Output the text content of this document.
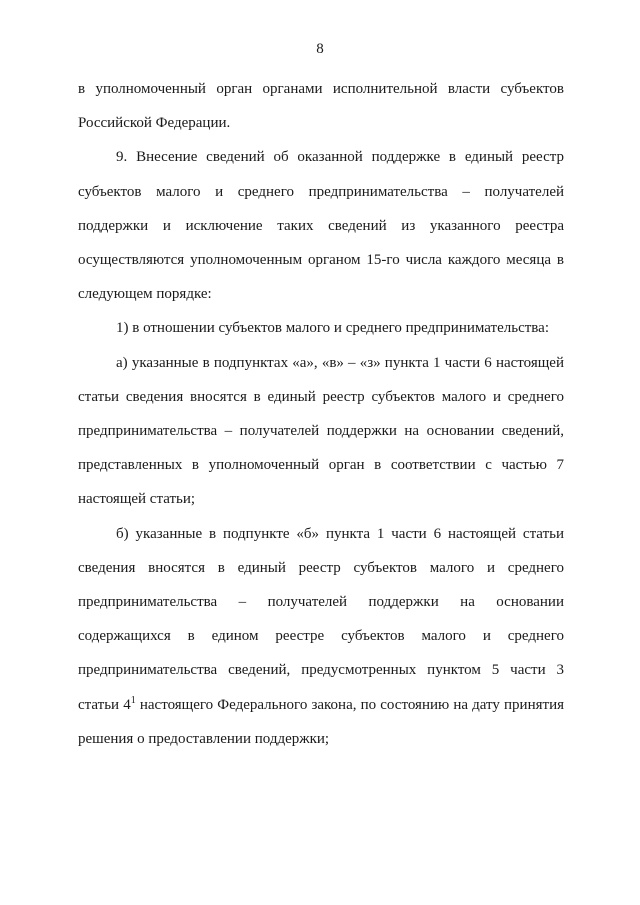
8

в уполномоченный орган органами исполнительной власти субъектов Российской Федерации.

9. Внесение сведений об оказанной поддержке в единый реестр субъектов малого и среднего предпринимательства – получателей поддержки и исключение таких сведений из указанного реестра осуществляются уполномоченным органом 15-го числа каждого месяца в следующем порядке:

1) в отношении субъектов малого и среднего предпринимательства:

а) указанные в подпунктах «а», «в» – «з» пункта 1 части 6 настоящей статьи сведения вносятся в единый реестр субъектов малого и среднего предпринимательства – получателей поддержки на основании сведений, представленных в уполномоченный орган в соответствии с частью 7 настоящей статьи;

б) указанные в подпункте «б» пункта 1 части 6 настоящей статьи сведения вносятся в единый реестр субъектов малого и среднего предпринимательства – получателей поддержки на основании содержащихся в едином реестре субъектов малого и среднего предпринимательства сведений, предусмотренных пунктом 5 части 3 статьи $4^1$ настоящего Федерального закона, по состоянию на дату принятия решения о предоставлении поддержки;
